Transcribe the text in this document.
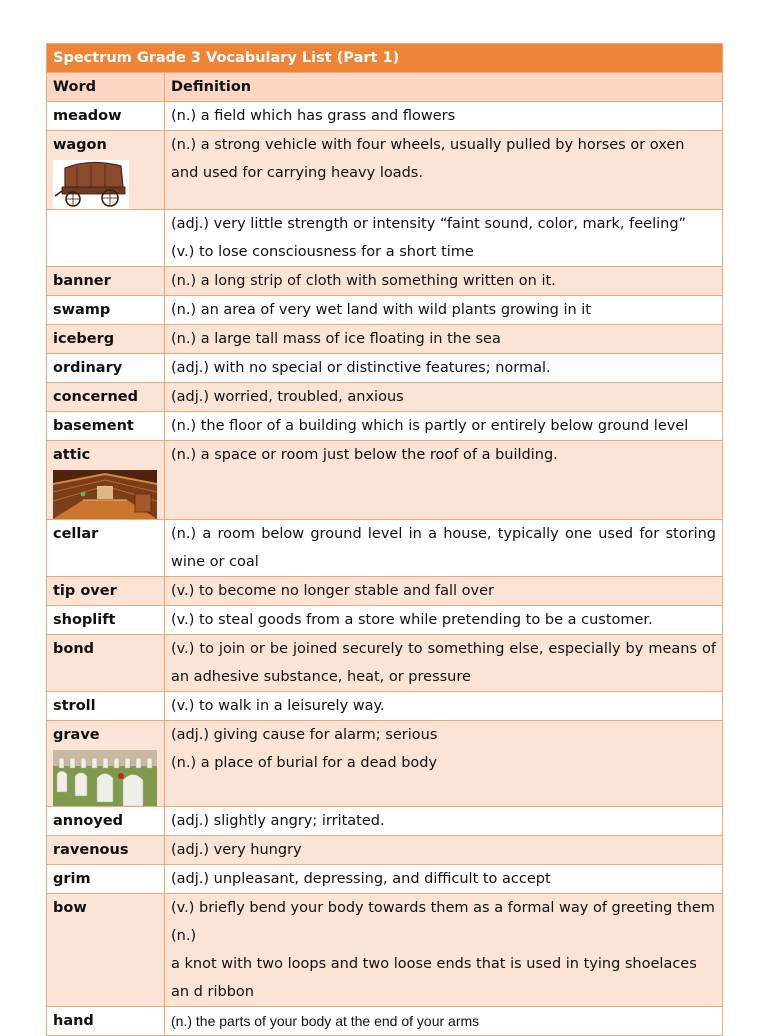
Spectrum Grade 3 Vocabulary List (Part 1)	
Word	Definition
meadow	(n.) a field which has grass and flowers

wagon	(n.) a strong vehicle with four wheels, usually pulled by horses or oxen
and used for carrying heavy loads.

	(adj.) very little strength or intensity “faint sound, color, mark, feeling”
(v.) to lose consciousness for a short time

banner	(n.) a long strip of cloth with something written on it.

swamp	(n.) an area of very wet land with wild plants growing in it

iceberg	(n.) a large tall mass of ice floating in the sea

ordinary	(adj.) with no special or distinctive features; normal.

concerned	(adj.) worried, troubled, anxious

basement	(n.) the floor of a building which is partly or entirely below ground level

attic	(n.) a space or room just below the roof of a building.

cellar	(n.) a room below ground level in a house, typically one used for storing wine or coal

tip over	(v.) to become no longer stable and fall over

shoplift	(v.) to steal goods from a store while pretending to be a customer.

bond	(v.) to join or be joined securely to something else, especially by means of an adhesive substance, heat, or pressure

stroll	(v.) to walk in a leisurely way.

grave	(adj.) giving cause for alarm; serious
(n.) a place of burial for a dead body

annoyed	(adj.) slightly angry; irritated.

ravenous	(adj.) very hungry

grim	(adj.) unpleasant, depressing, and difficult to accept

bow	(v.) briefly bend your body towards them as a formal way of greeting them
(n.)
a knot with two loops and two loose ends that is used in tying shoelaces an d ribbon

hand	(n.) the parts of your body at the end of your arms
